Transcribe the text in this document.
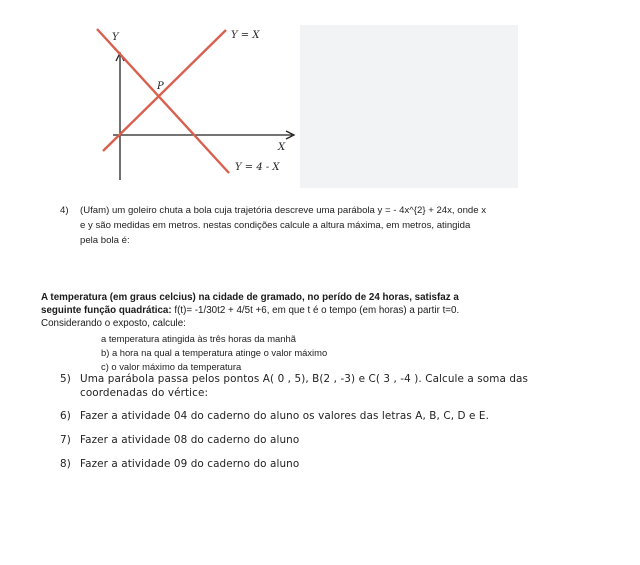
Y
P
Y = X
X
Y = 4 - X
4) (Ufam) um goleiro chuta a bola cuja trajetória descreve uma parábola y = - 4x^{2} + 24x, onde x
e y são medidas em metros. nestas condições calcule a altura máxima, em metros, atingida
pela bola é:
A temperatura (em graus celcius) na cidade de gramado, no perído de 24 horas, satisfaz a
seguinte função quadrática: f(t)= -1/30t2 + 4/5t +6, em que t é o tempo (em horas) a partir t=0.
Considerando o exposto, calcule:
a temperatura atingida às três horas da manhã
b) a hora na qual a temperatura atinge o valor máximo
c) o valor máximo da temperatura
5) Uma parábola passa pelos pontos A( 0 , 5), B(2 , -3) e C( 3 , -4 ). Calcule a soma das
coordenadas do vértice:
6) Fazer a atividade 04 do caderno do aluno os valores das letras A, B, C, D e E.
7) Fazer a atividade 08 do caderno do aluno
8) Fazer a atividade 09 do caderno do aluno
